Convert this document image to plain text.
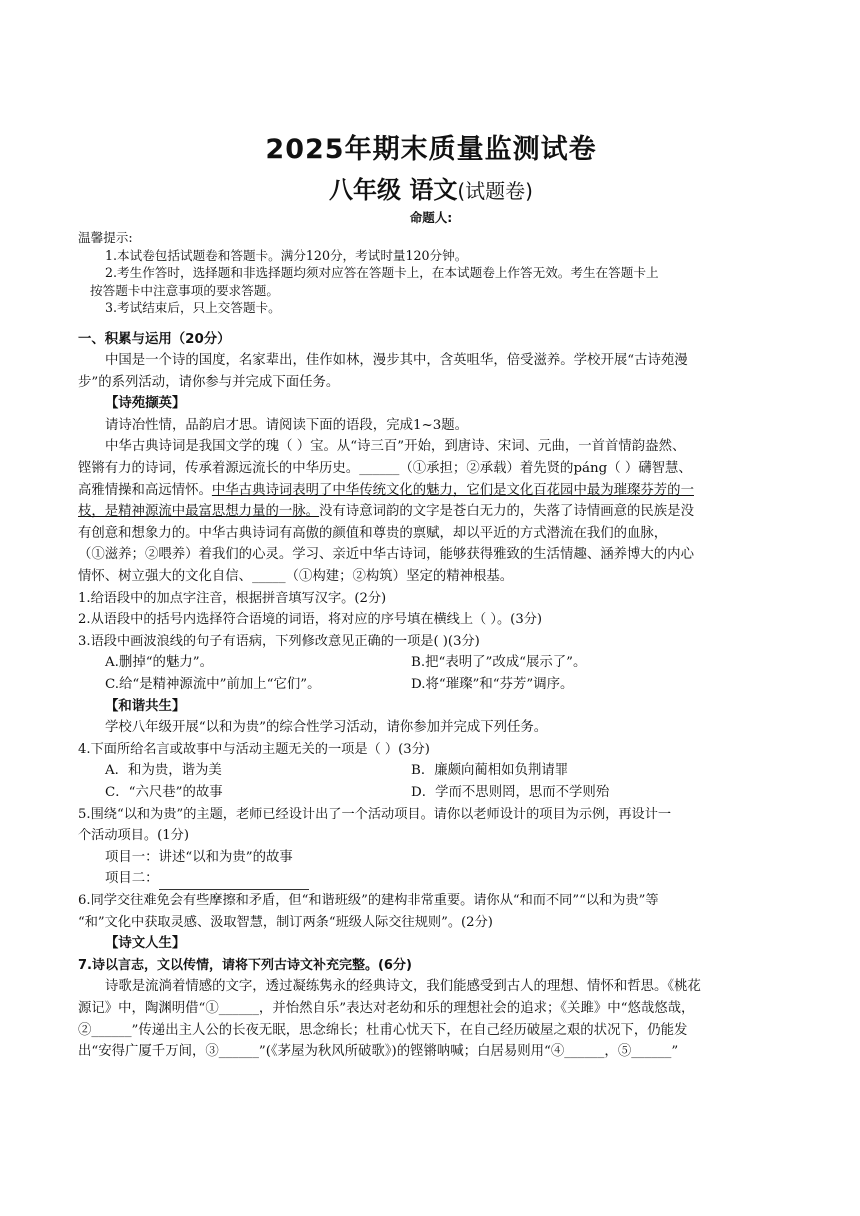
2025年期末质量监测试卷
八年级 语文(试题卷)
命题人:
温馨提示:
1.本试卷包括试题卷和答题卡。满分120分，考试时量120分钟。
2.考生作答时，选择题和非选择题均须对应答在答题卡上，在本试题卷上作答无效。考生在答题卡上
按答题卡中注意事项的要求答题。
3.考试结束后，只上交答题卡。
一、积累与运用（20分）
中国是一个诗的国度，名家辈出，佳作如林，漫步其中，含英咀华，倍受滋养。学校开展“古诗苑漫
步”的系列活动，请你参与并完成下面任务。
【诗苑撷英】
请诗冶性情，品韵启才思。请阅读下面的语段，完成1~3题。
中华古典诗词是我国文学的瑰（ ）宝。从“诗三百”开始，到唐诗、宋词、元曲，一首首情韵盎然、
铿锵有力的诗词，传承着源远流长的中华历史。______（①承担；②承载）着先贤的páng（ ）礴智慧、
高雅情操和高远情怀。中华古典诗词表明了中华传统文化的魅力，它们是文化百花园中最为璀璨芬芳的一
枝，是精神源流中最富思想力量的一脉。没有诗意词韵的文字是苍白无力的，失落了诗情画意的民族是没
有创意和想象力的。中华古典诗词有高傲的颜值和尊贵的禀赋，却以平近的方式潜流在我们的血脉，
（①滋养；②喂养）着我们的心灵。学习、亲近中华古诗词，能够获得雅致的生活情趣、涵养博大的内心
情怀、树立强大的文化自信、_____（①构建；②构筑）坚定的精神根基。
1.给语段中的加点字注音，根据拼音填写汉字。(2分)
2.从语段中的括号内选择符合语境的词语，将对应的序号填在横线上（ ）。(3分)
3.语段中画波浪线的句子有语病，下列修改意见正确的一项是( )(3分)
A.删掉“的魅力”。	B.把“表明了”改成“展示了”。
C.给“是精神源流中”前加上“它们”。	D.将“璀璨”和“芬芳”调序。
【和谐共生】
学校八年级开展“以和为贵”的综合性学习活动，请你参加并完成下列任务。
4.下面所给名言或故事中与活动主题无关的一项是（ ）(3分)
A．和为贵，谐为美	B．廉颇向蔺相如负荆请罪
C．“六尺巷”的故事	D．学而不思则罔，思而不学则殆
5.围绕“以和为贵”的主题，老师已经设计出了一个活动项目。请你以老师设计的项目为示例，再设计一
个活动项目。(1分)
项目一：讲述“以和为贵”的故事
项目二：
6.同学交往难免会有些摩擦和矛盾，但“和谐班级”的建构非常重要。请你从“和而不同”“以和为贵”等
“和”文化中获取灵感、汲取智慧，制订两条“班级人际交往规则”。(2分)
【诗文人生】
7.诗以言志，文以传情，请将下列古诗文补充完整。(6分)
诗歌是流淌着情感的文字，透过凝练隽永的经典诗文，我们能感受到古人的理想、情怀和哲思。《桃花
源记》中，陶渊明借“①______，并怡然自乐”表达对老幼和乐的理想社会的追求；《关雎》中“悠哉悠哉，
②______”传递出主人公的长夜无眠，思念绵长；杜甫心忧天下，在自己经历破屋之艰的状况下，仍能发
出“安得广厦千万间，③______”(《茅屋为秋风所破歌》)的铿锵呐喊；白居易则用“④______，⑤______”
